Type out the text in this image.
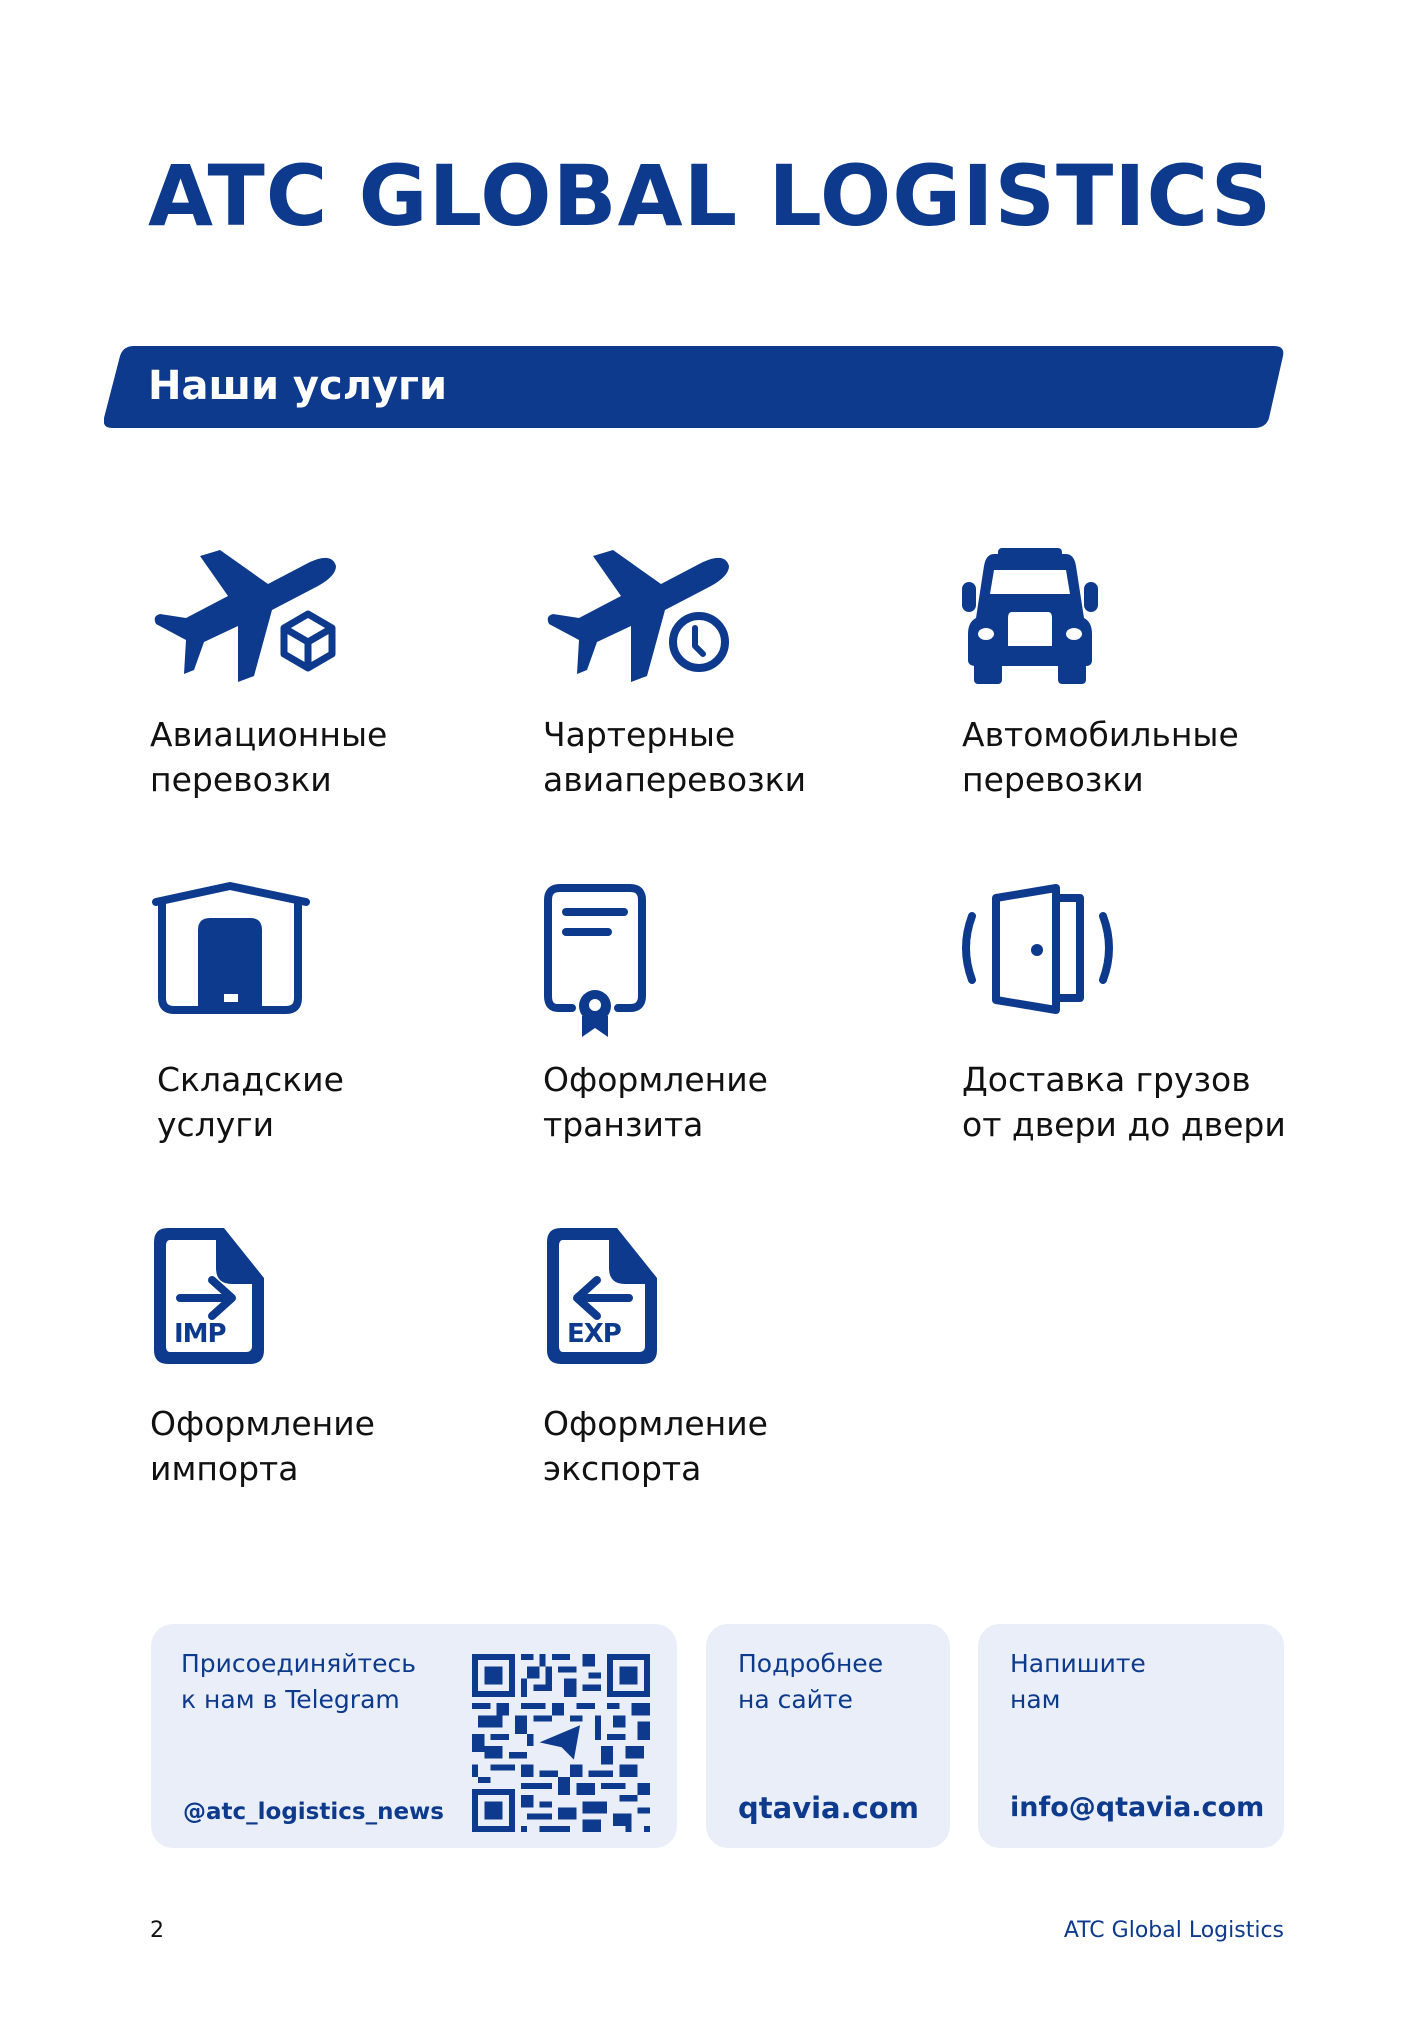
ATC GLOBAL LOGISTICS
Наши услуги
Авиационные
перевозки
Чартерные
авиаперевозки
Автомобильные
перевозки
Складские
услуги
Оформление
транзита
Доставка грузов
от двери до двери
IMP
Оформление
импорта
EXP
Оформление
экспорта
Присоединяйтесь
к нам в Telegram
@atc_logistics_news
Подробнее
на сайте
qtavia.com
Напишите
нам
info@qtavia.com
2	ATC Global Logistics
